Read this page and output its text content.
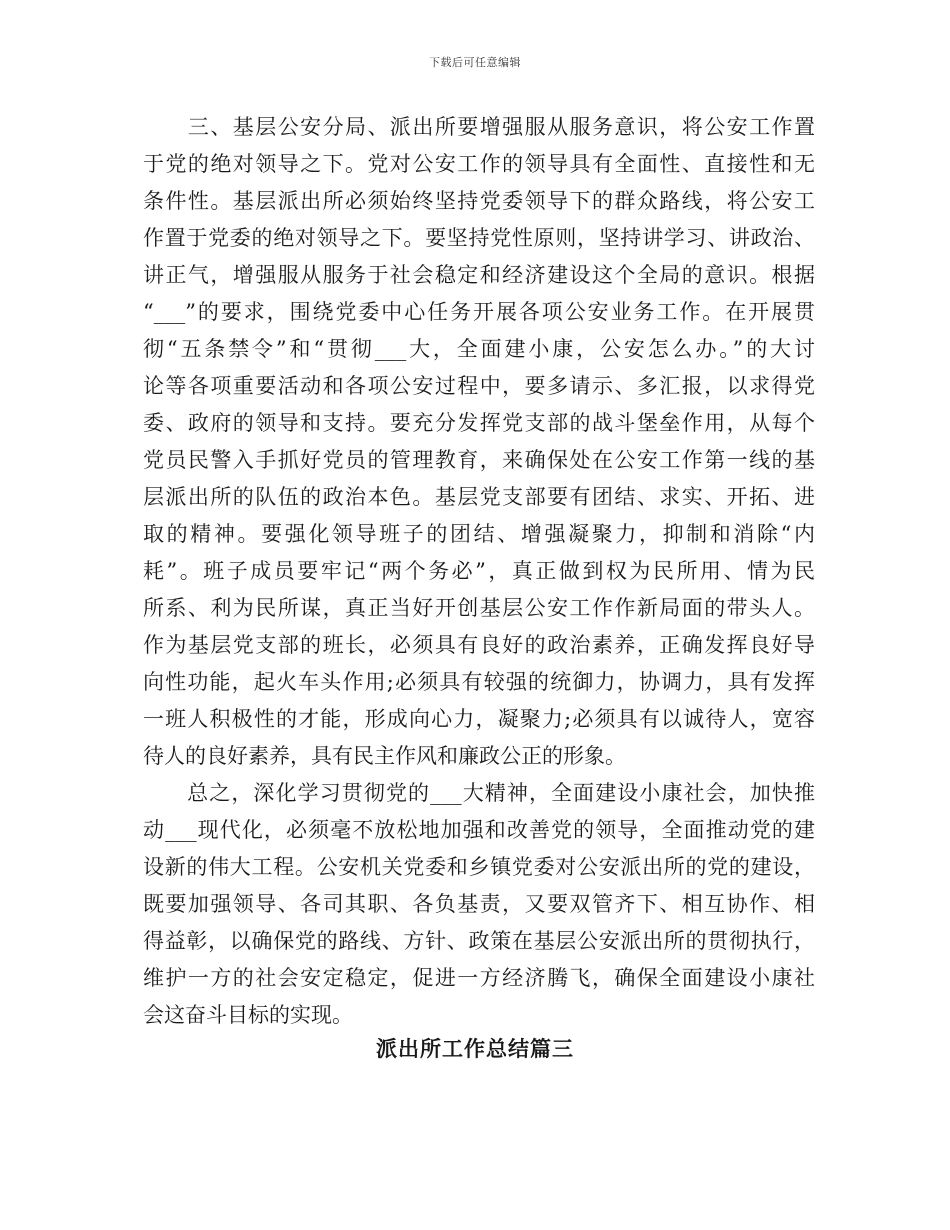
下载后可任意编辑
　　三、基层公安分局、派出所要增强服从服务意识，将公安工作置
于党的绝对领导之下。党对公安工作的领导具有全面性、直接性和无
条件性。基层派出所必须始终坚持党委领导下的群众路线，将公安工
作置于党委的绝对领导之下。要坚持党性原则，坚持讲学习、讲政治、
讲正气，增强服从服务于社会稳定和经济建设这个全局的意识。根据
“___”的要求，围绕党委中心任务开展各项公安业务工作。在开展贯
彻“五条禁令”和“贯彻___大，全面建小康，公安怎么办。”的大讨
论等各项重要活动和各项公安过程中，要多请示、多汇报，以求得党
委、政府的领导和支持。要充分发挥党支部的战斗堡垒作用，从每个
党员民警入手抓好党员的管理教育，来确保处在公安工作第一线的基
层派出所的队伍的政治本色。基层党支部要有团结、求实、开拓、进
取的精神。要强化领导班子的团结、增强凝聚力，抑制和消除“内
耗”。班子成员要牢记“两个务必”，真正做到权为民所用、情为民
所系、利为民所谋，真正当好开创基层公安工作作新局面的带头人。
作为基层党支部的班长，必须具有良好的政治素养，正确发挥良好导
向性功能，起火车头作用;必须具有较强的统御力，协调力，具有发挥
一班人积极性的才能，形成向心力，凝聚力;必须具有以诚待人，宽容
待人的良好素养，具有民主作风和廉政公正的形象。
　　总之，深化学习贯彻党的___大精神，全面建设小康社会，加快推
动___现代化，必须毫不放松地加强和改善党的领导，全面推动党的建
设新的伟大工程。公安机关党委和乡镇党委对公安派出所的党的建设，
既要加强领导、各司其职、各负基责，又要双管齐下、相互协作、相
得益彰，以确保党的路线、方针、政策在基层公安派出所的贯彻执行，
维护一方的社会安定稳定，促进一方经济腾飞，确保全面建设小康社
会这奋斗目标的实现。
派出所工作总结篇三
